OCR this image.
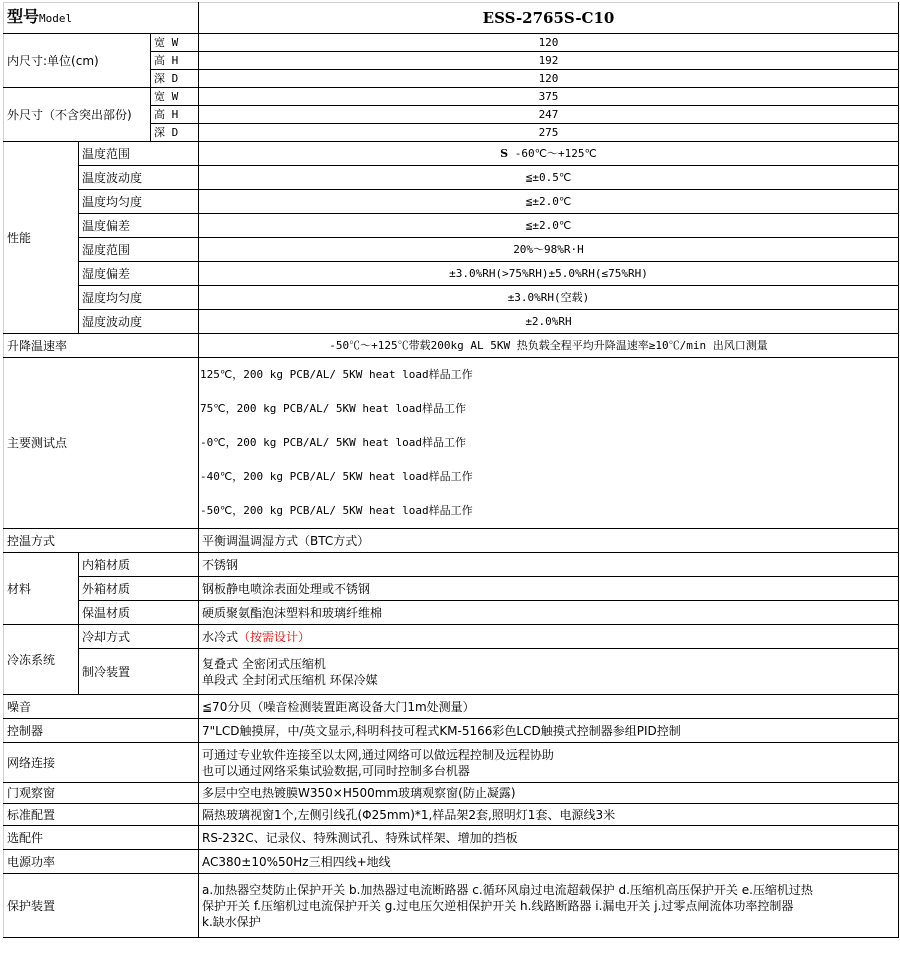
型号Model			ESS-2765S-C10
内尺寸:单位(cm)		宽 W	120
		高 H	192
		深 D	120
外尺寸（不含突出部份)		宽 W	375
		高 H	247
		深 D	275
性能	温度范围		S -60℃～+125℃
	温度波动度		≦±0.5℃
	温度均匀度		≦±2.0℃
	温度偏差		≦±2.0℃
	湿度范围		20%～98%R·H
	湿度偏差		±3.0%RH(>75%RH)±5.0%RH(≤75%RH)
	湿度均匀度		±3.0%RH(空载)
	湿度波动度		±2.0%RH
升降温速率			-50℃～+125℃带载200kg AL 5KW 热负载全程平均升降温速率≥10℃/min 出风口测量
主要测试点			125℃，200 kg PCB/AL/ 5KW heat load样品工作
75℃，200 kg PCB/AL/ 5KW heat load样品工作
-0℃，200 kg PCB/AL/ 5KW heat load样品工作
-40℃，200 kg PCB/AL/ 5KW heat load样品工作
-50℃，200 kg PCB/AL/ 5KW heat load样品工作

控温方式			平衡调温调湿方式（BTC方式）
材料	内箱材质		不锈钢
	外箱材质		钢板静电喷涂表面处理或不锈钢
	保温材质		硬质聚氨酯泡沫塑料和玻璃纤维棉
冷冻系统	冷却方式		水冷式（按需设计）
	制冷装置		复叠式 全密闭式压缩机
单段式 全封闭式压缩机 环保冷媒

噪音			≦70分贝（噪音检测装置距离设备大门1m处测量）
控制器			7"LCD触摸屏，中/英文显示,科明科技可程式KM-5166彩色LCD触摸式控制器参组PID控制
网络连接			可通过专业软件连接至以太网,通过网络可以做远程控制及远程协助
也可以通过网络采集试验数据,可同时控制多台机器

门观察窗			多层中空电热镀膜W350×H500mm玻璃观察窗(防止凝露)
标准配置			隔热玻璃视窗1个,左侧引线孔(Φ25mm)*1,样品架2套,照明灯1套、电源线3米
选配件			RS-232C、记录仪、特殊测试孔、特殊试样架、增加的挡板
电源功率			AC380±10%50Hz三相四线+地线
保护装置			a.加热器空焚防止保护开关 b.加热器过电流断路器 c.循环风扇过电流超载保护 d.压缩机高压保护开关 e.压缩机过热
保护开关 f.压缩机过电流保护开关 g.过电压欠逆相保护开关 h.线路断路器 i.漏电开关 j.过零点闸流体功率控制器
k.缺水保护
